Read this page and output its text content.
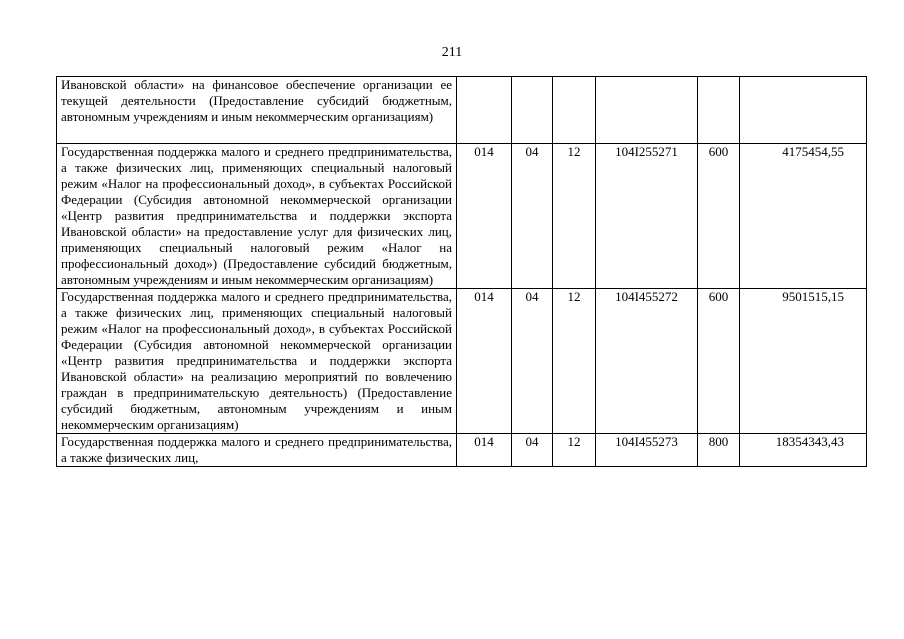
211
Ивановской области» на финансовое обеспечение организации ее текущей деятельности (Предоставление субсидий бюджетным, автономным учреждениям и иным некоммерческим организациям)						
Государственная поддержка малого и среднего предпринимательства, а также физических лиц, применяющих специальный налоговый режим «Налог на профессиональный доход», в субъектах Российской Федерации (Субсидия автономной некоммерческой организации «Центр развития предпринимательства и поддержки экспорта Ивановской области» на предоставление услуг для физических лиц, применяющих специальный налоговый режим «Налог на профессиональный доход») (Предоставление субсидий бюджетным, автономным учреждениям и иным некоммерческим организациям)	014	04	12	104I255271	600	4175454,55
Государственная поддержка малого и среднего предпринимательства, а также физических лиц, применяющих специальный налоговый режим «Налог на профессиональный доход», в субъектах Российской Федерации (Субсидия автономной некоммерческой организации «Центр развития предпринимательства и поддержки экспорта Ивановской области» на реализацию мероприятий по вовлечению граждан в предпринимательскую деятельность) (Предоставление субсидий бюджетным, автономным учреждениям и иным некоммерческим организациям)	014	04	12	104I455272	600	9501515,15
Государственная поддержка малого и среднего предпринимательства, а также физических лиц,	014	04	12	104I455273	800	18354343,43
